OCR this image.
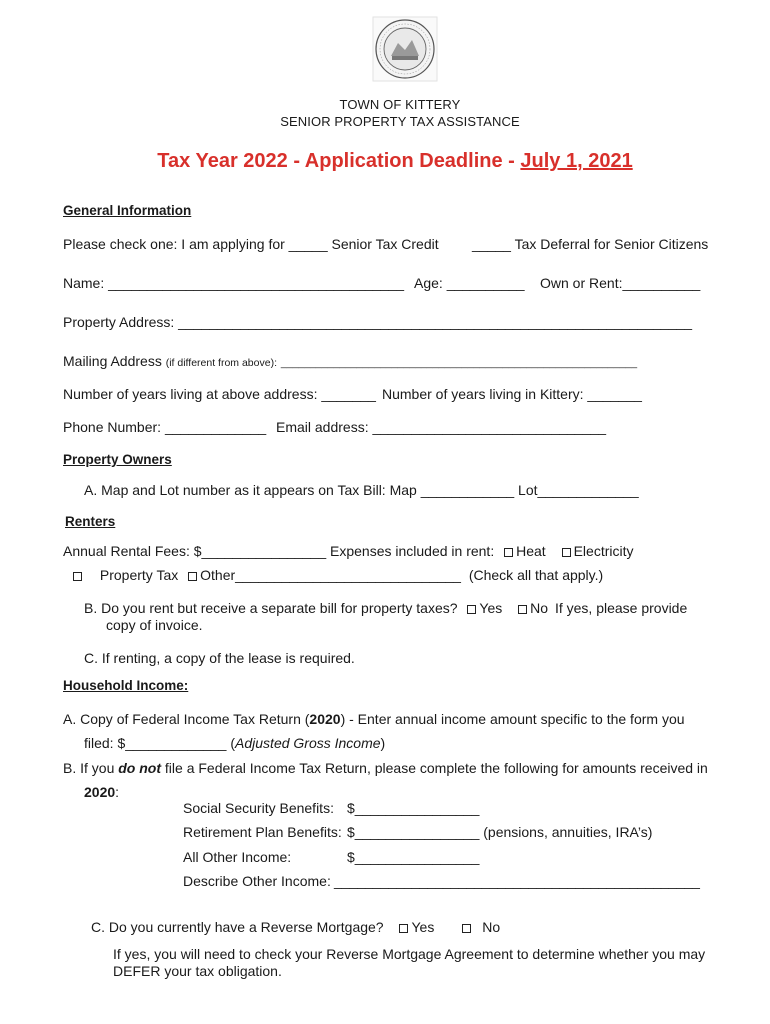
TOWN OF KITTERY
SENIOR PROPERTY TAX ASSISTANCE
Tax Year 2022 - Application Deadline - July 1, 2021
General Information
Please check one: I am applying for _____ Senior Tax Credit _____ Tax Deferral for Senior Citizens
Name: ______________________________________ Age: __________ Own or Rent:__________
Property Address: __________________________________________________________________
Mailing Address (if different from above): _____________________________________________________________
Number of years living at above address: _______ Number of years living in Kittery: _______
Phone Number: _____________ Email address: ______________________________
Property Owners
A. Map and Lot number as it appears on Tax Bill: Map ____________ Lot_____________
Renters
Annual Rental Fees: $________________ Expenses included in rent: Heat Electricity
Property Tax Other_____________________________ (Check all that apply.)
B. Do you rent but receive a separate bill for property taxes? Yes No If yes, please provide
copy of invoice.
C. If renting, a copy of the lease is required.
Household Income:
A. Copy of Federal Income Tax Return (2020) - Enter annual income amount specific to the form you
filed: $_____________ (Adjusted Gross Income)
B. If you do not file a Federal Income Tax Return, please complete the following for amounts received in
2020:
Social Security Benefits: $________________
Retirement Plan Benefits: $________________ (pensions, annuities, IRA’s)
All Other Income:	$________________
Describe Other Income: _______________________________________________
C. Do you currently have a Reverse Mortgage? Yes	No
If yes, you will need to check your Reverse Mortgage Agreement to determine whether you may
DEFER your tax obligation.
